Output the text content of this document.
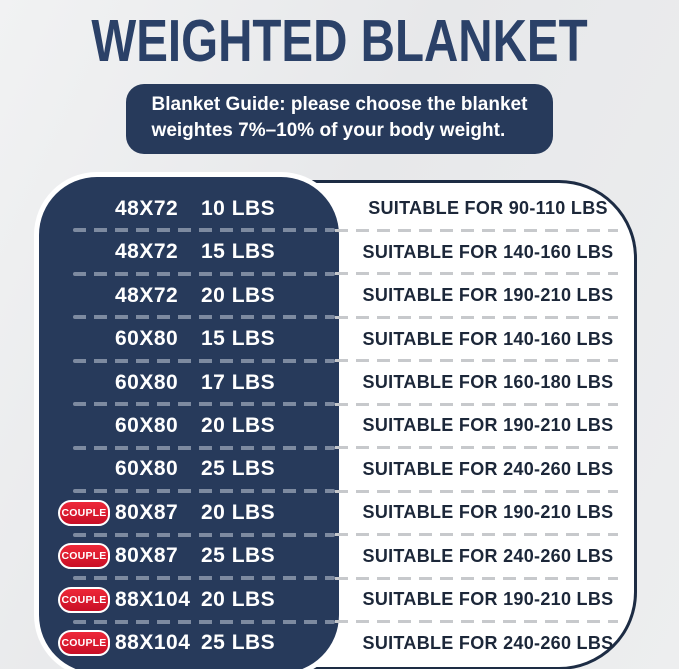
WEIGHTED BLANKET
Blanket Guide: please choose the blanket
weightes 7%–10% of your body weight.
48X72	10 LBS	SUITABLE FOR 90-110 LBS
48X72	15 LBS	SUITABLE FOR 140-160 LBS
48X72	20 LBS	SUITABLE FOR 190-210 LBS
60X80	15 LBS	SUITABLE FOR 140-160 LBS
60X80	17 LBS	SUITABLE FOR 160-180 LBS
60X80	20 LBS	SUITABLE FOR 190-210 LBS
60X80	25 LBS	SUITABLE FOR 240-260 LBS
COUPLE 80X87	20 LBS	SUITABLE FOR 190-210 LBS
COUPLE 80X87	25 LBS	SUITABLE FOR 240-260 LBS
COUPLE 88X104 20 LBS	SUITABLE FOR 190-210 LBS
COUPLE 88X104 25 LBS	SUITABLE FOR 240-260 LBS
